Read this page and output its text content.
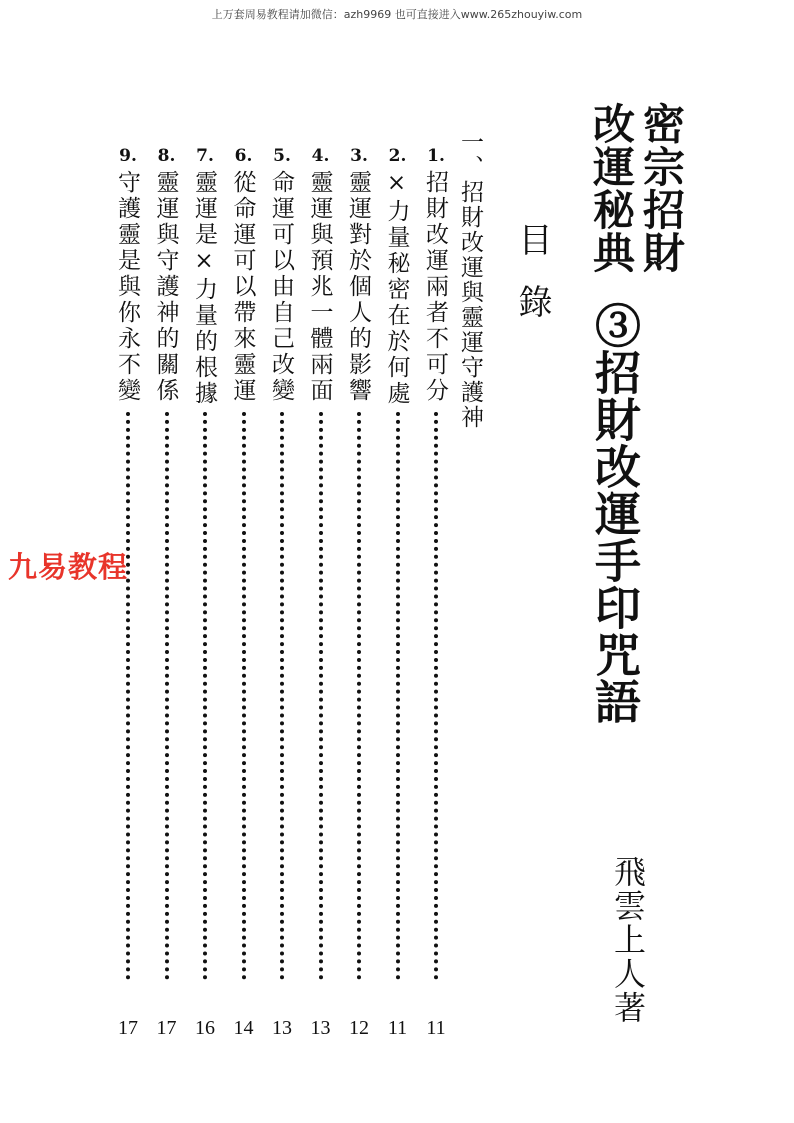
上万套周易教程请加微信：azh9969 也可直接进入www.265zhouyiw.com
密宗招財
改運秘典
③招財改運手印咒語
目錄
飛雲上人著
一、招財改運與靈運守護神
1.
招財改運兩者不可分
11
2.
×力量秘密在於何處
11
3.
靈運對於個人的影響
12
4.
靈運與預兆一體兩面
13
5.
命運可以由自己改變
13
6.
從命運可以帶來靈運
14
7.
靈運是×力量的根據
16
8.
靈運與守護神的關係
17
9.
守護靈是與你永不變
17
九易教程
